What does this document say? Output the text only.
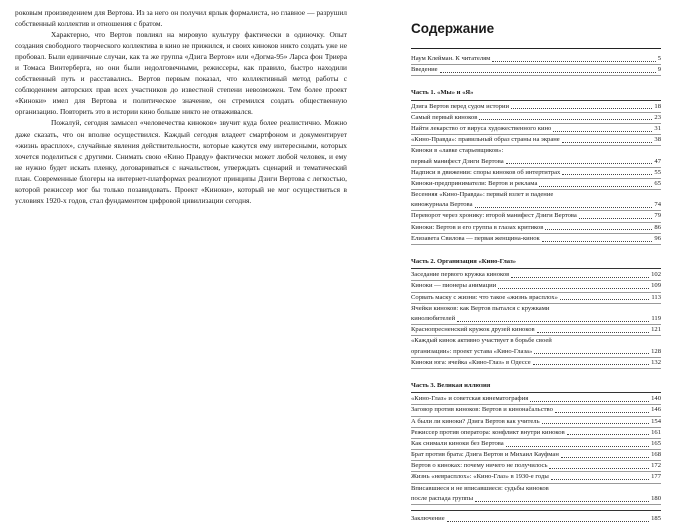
роковым произведением для Вертова. Из за него он получил ярлык формалиста, но главное — разрушил собственный коллектив и отношения с братом.

Характерно, что Вертов повлиял на мировую культуру фактически в одиночку. Опыт создания свободного творческого коллектива в кино не прижился, и своих киноков никто создать уже не пробовал. Были единичные случаи, как та же группа «Дзига Вертов» или «Догма-95» Ларса фон Триера и Томаса Винтерберга, но они были недолговечными, режиссеры, как правило, быстро находили собственный путь и расставались. Вертов первым показал, что коллективный метод работы с соблюдением авторских прав всех участников до известной степени невозможен. Тем более проект «Киноки» имел для Вертова и политическое значение, он стремился создать общественную организацию. Повторить это в истории кино больше никто не отваживался.

Пожалуй, сегодня замысел «человечества киноков» звучит куда более реалистично. Можно даже сказать, что он вполне осуществился. Каждый сегодня владеет смартфоном и документирует «жизнь врасплох», случайные явления действительности, которые кажутся ему интересными, которых хочется поделиться с другими. Снимать свою «Кино Правду» фактически может любой человек, и ему не нужно будет искать пленку, договариваться с начальством, утверждать сценарий и тематический план. Современные блогеры на интернет-платформах реализуют принципы Дзиги Вертова с легкостью, которой режиссер мог бы только позавидовать. Проект «Киноки», который не мог осуществиться в условиях 1920-х годов, стал фундаментом цифровой цивилизации сегодня.

Содержание
Наум Клейман. К читателям	5
Введение	9
Часть 1. «Мы» и «Я»
Дзига Вертов перед судом истории	18
Самый первый киноков	23
Найти лекарство от вируса художественного кино	31
«Кино-Правда»: правильный образ страны на экране	38
Киноки в «лавке старьевщиков»:
первый манифест Дзиги Вертова	47
Надписи в движении: споры киноков об интертитрах	55
Киноки-предприниматели: Вертов и реклама	65
Весенняя «Кино-Правда»: первый взлет и падение
киножурнала Вертова	74
Переворот через хронику: второй манифест Дзиги Вертова	79
Киноки: Вертов и его группа в глазах критиков	86
Елизавета Свилова — первая женщина-кинок	96
Часть 2. Организация «Кино-Глаз»
Заседание первого кружка киноков	102
Киноки — пионеры анимации	109
Сорвать маску с жизни: что такое «жизнь врасплох»	113
Ячейки киноков: как Вертов пытался с кружками
кинолюбителей	119
Краснопресненский кружок друзей киноков	121
«Каждый кинок активно участвует в борьбе своей
организации»: проект устава «Кино-Глаза»	128
Киноки юга: ячейка «Кино-Глаз» в Одессе	132
Часть 3. Великая иллюзия
«Кино-Глаз» и советская кинематография	140
Заговор против киноков: Вертов и кинонačальство	146
А были ли киноки? Дзига Вертов как учитель	154
Режиссер против оператора: конфликт внутри киноков	161
Как снимали киноки без Вертова	165
Брат против брата: Дзига Вертов и Михаил Кауфман	168
Вертов о киноках: почему ничего не получилось	172
Жизнь «неврасплох»: «Кино-Глаз» в 1930-е годы	177
Вписавшиеся и не вписавшиеся: судьбы киноков
после распада группы	180
Заключение	185
